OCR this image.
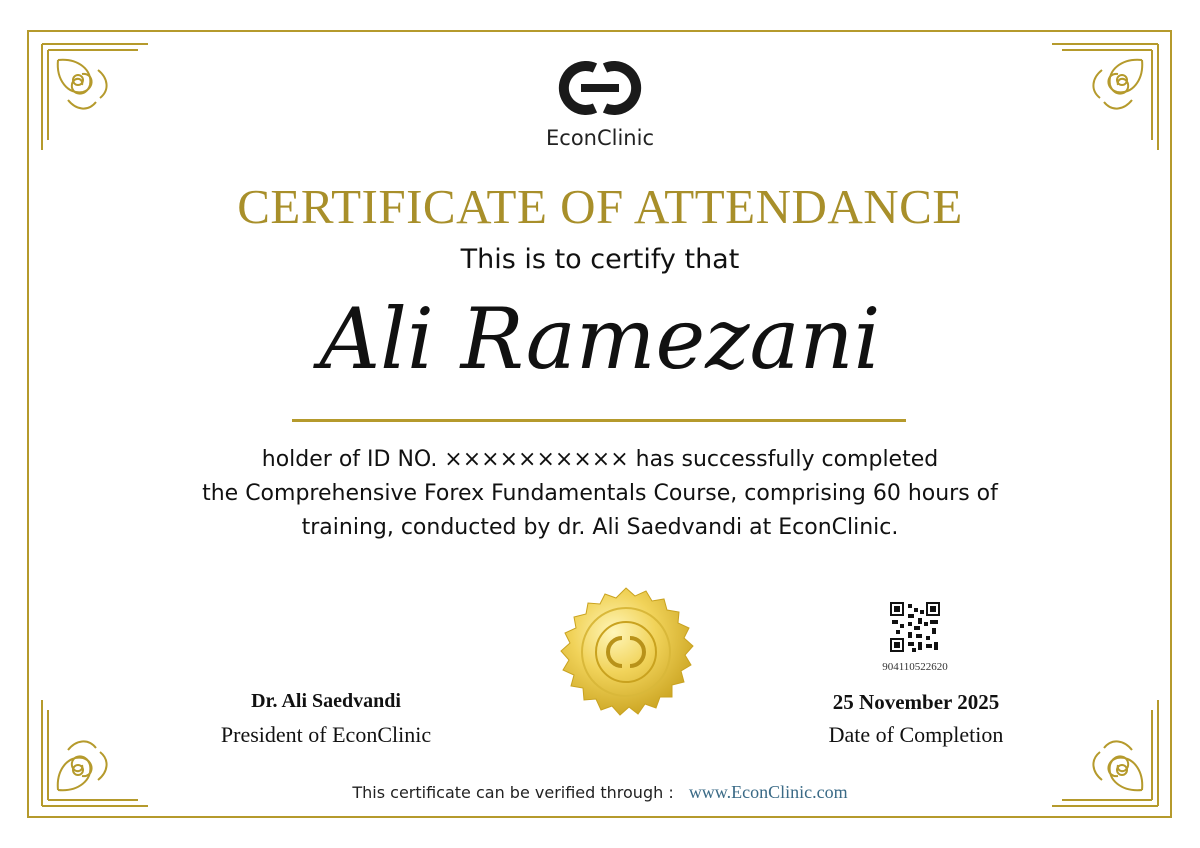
EconClinic
CERTIFICATE OF ATTENDANCE
This is to certify that
Ali Ramezani
holder of ID NO. ×××××××××× has successfully completed
the Comprehensive Forex Fundamentals Course, comprising 60 hours of
training, conducted by dr. Ali Saedvandi at EconClinic.
904110522620
Dr. Ali Saedvandi
President of EconClinic
25 November 2025
Date of Completion
This certificate can be verified through : www.EconClinic.com
